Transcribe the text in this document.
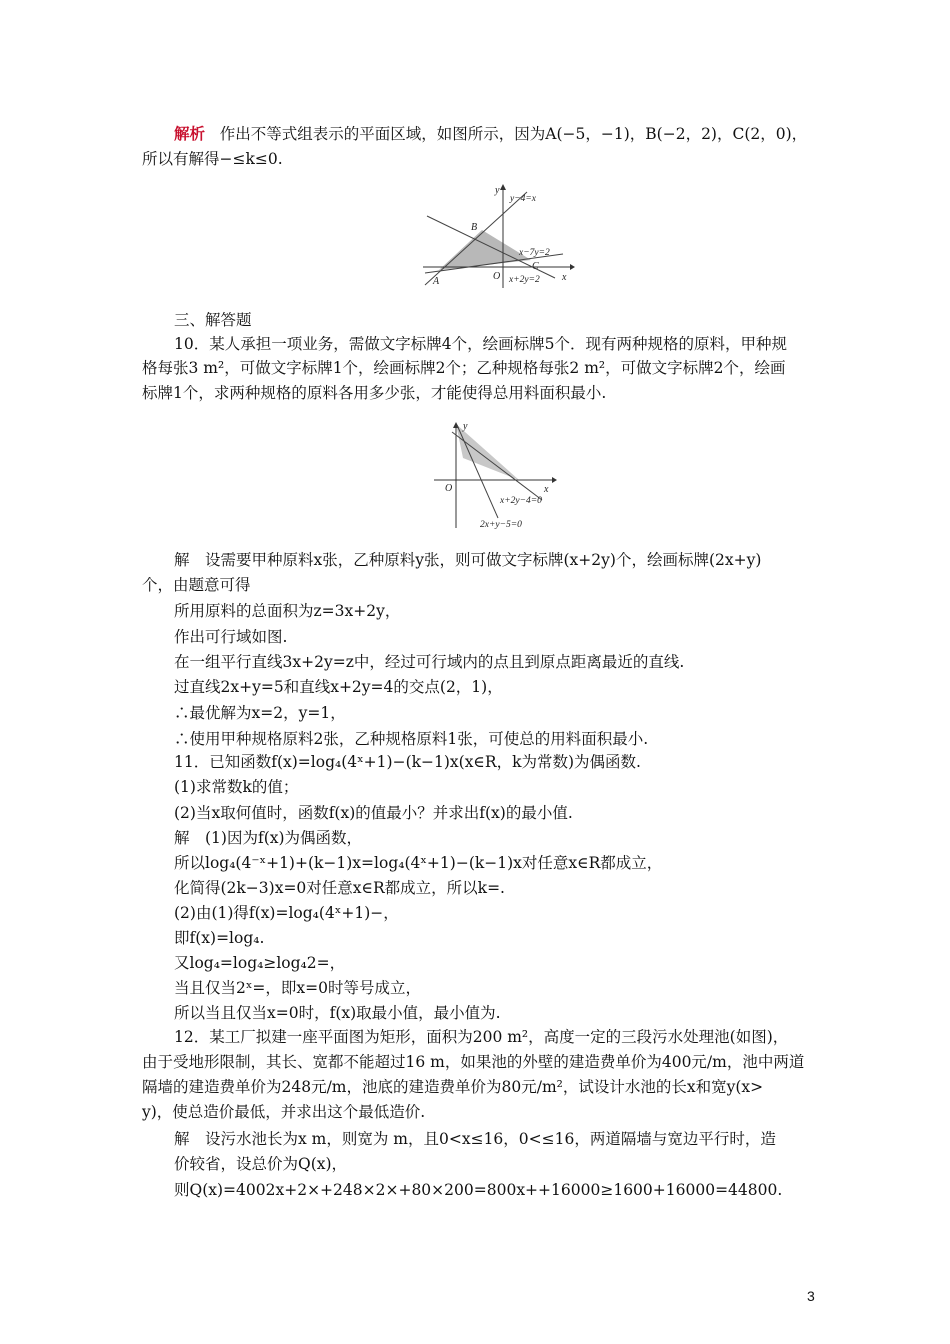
解析 作出不等式组表示的平面区域，如图所示，因为A(−5，−1)，B(−2，2)，C(2，0)，
所以有解得−≤k≤0.
y
x
O
A
B
C
y−4=x
x−7y=2
x+2y=2
三、解答题
10．某人承担一项业务，需做文字标牌4个，绘画标牌5个．现有两种规格的原料，甲种规
格每张3 m²，可做文字标牌1个，绘画标牌2个；乙种规格每张2 m²，可做文字标牌2个，绘画
标牌1个，求两种规格的原料各用多少张，才能使得总用料面积最小.
y
x
O
x+2y−4=0
2x+y−5=0
解　设需要甲种原料x张，乙种原料y张，则可做文字标牌(x+2y)个，绘画标牌(2x+y)
个，由题意可得
所用原料的总面积为z=3x+2y，
作出可行域如图.
在一组平行直线3x+2y=z中，经过可行域内的点且到原点距离最近的直线.
过直线2x+y=5和直线x+2y=4的交点(2，1)，
∴最优解为x=2，y=1，
∴使用甲种规格原料2张，乙种规格原料1张，可使总的用料面积最小.
11．已知函数f(x)=log₄(4ˣ+1)−(k−1)x(x∈R，k为常数)为偶函数.
(1)求常数k的值；
(2)当x取何值时，函数f(x)的值最小？并求出f(x)的最小值.
解　(1)因为f(x)为偶函数，
所以log₄(4⁻ˣ+1)+(k−1)x=log₄(4ˣ+1)−(k−1)x对任意x∈R都成立，
化简得(2k−3)x=0对任意x∈R都成立，所以k=.
(2)由(1)得f(x)=log₄(4ˣ+1)−，
即f(x)=log₄.
又log₄=log₄≥log₄2=，
当且仅当2ˣ=，即x=0时等号成立，
所以当且仅当x=0时，f(x)取最小值，最小值为.
12．某工厂拟建一座平面图为矩形，面积为200 m²，高度一定的三段污水处理池(如图)，
由于受地形限制，其长、宽都不能超过16 m，如果池的外壁的建造费单价为400元/m，池中两道
隔墙的建造费单价为248元/m，池底的建造费单价为80元/m²，试设计水池的长x和宽y(x>
y)，使总造价最低，并求出这个最低造价.
解　设污水池长为x m，则宽为 m，且0<x≤16，0<≤16，两道隔墙与宽边平行时，造
价较省，设总价为Q(x)，
则Q(x)=4002x+2×+248×2×+80×200=800x++16000≥1600+16000=44800.
3
